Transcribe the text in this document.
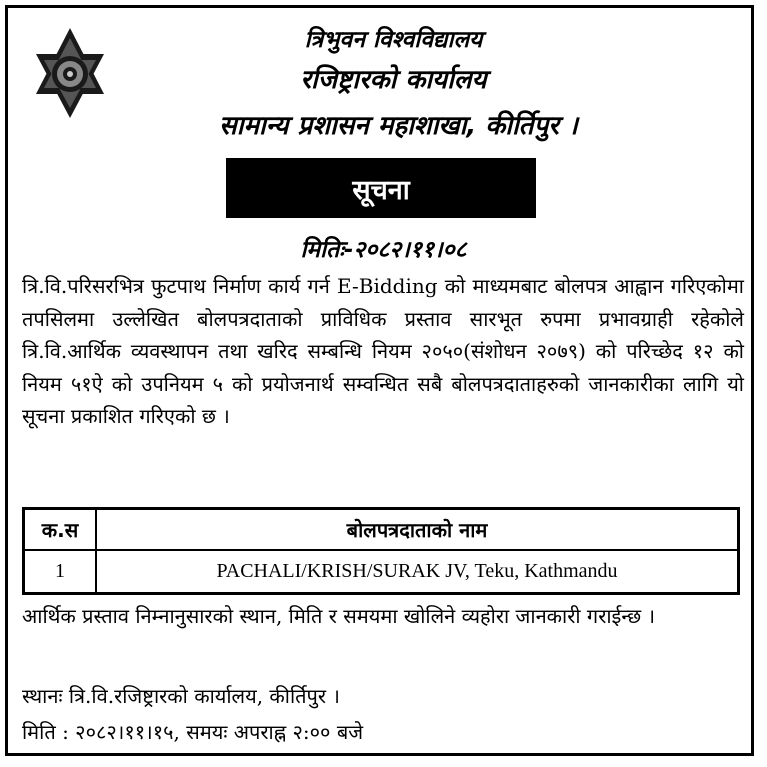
त्रिभुवन विश्वविद्यालय
रजिष्ट्रारको कार्यालय
सामान्य प्रशासन महाशाखा, कीर्तिपुर ।
सूचना
मितिः-२०८२।११।०८
त्रि.वि.परिसरभित्र फुटपाथ निर्माण कार्य गर्न E-Bidding को माध्यमबाट बोलपत्र आह्वान गरिएकोमा तपसिलमा उल्लेखित बोलपत्रदाताको प्राविधिक प्रस्ताव सारभूत रुपमा प्रभावग्राही रहेकोले त्रि.वि.आर्थिक व्यवस्थापन तथा खरिद सम्बन्धि नियम २०५०(संशोधन २०७९) को परिच्छेद १२ को नियम ५१ऐ को उपनियम ५ को प्रयोजनार्थ सम्वन्धित सबै बोलपत्रदाताहरुको जानकारीका लागि यो सूचना प्रकाशित गरिएको छ ।
क.स	बोलपत्रदाताको नाम
1	PACHALI/KRISH/SURAK JV, Teku, Kathmandu
आर्थिक प्रस्ताव निम्नानुसारको स्थान, मिति र समयमा खोलिने व्यहोरा जानकारी गराईन्छ ।
स्थानः त्रि.वि.रजिष्ट्रारको कार्यालय, कीर्तिपुर ।
मिति : २०८२।११।१५, समयः अपराह्न २:०० बजे
